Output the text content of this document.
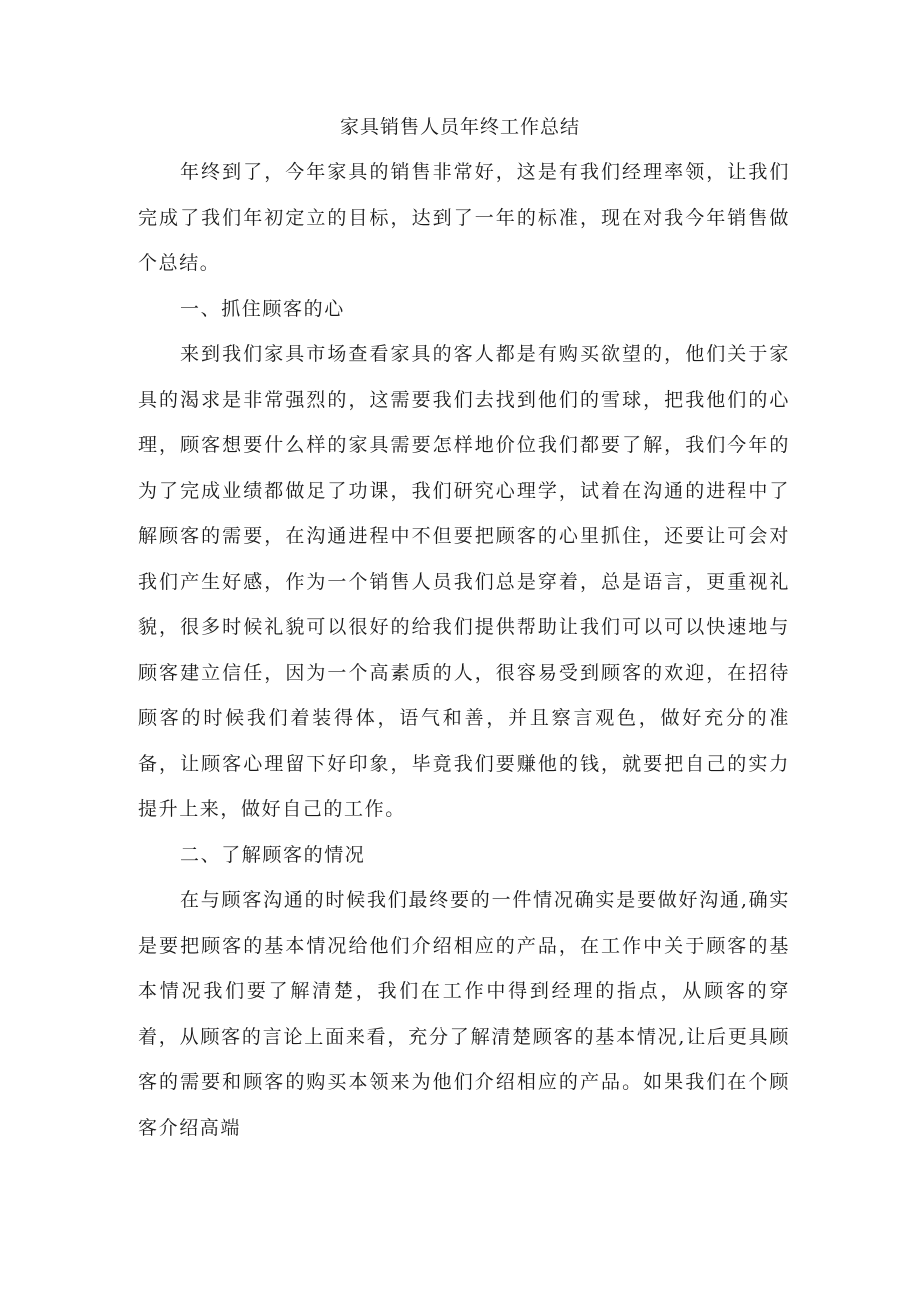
家具销售人员年终工作总结

年终到了，今年家具的销售非常好，这是有我们经理率领，让我们完成了我们年初定立的目标，达到了一年的标准，现在对我今年销售做个总结。

一、抓住顾客的心

来到我们家具市场查看家具的客人都是有购买欲望的，他们关于家具的渴求是非常强烈的，这需要我们去找到他们的雪球，把我他们的心理，顾客想要什么样的家具需要怎样地价位我们都要了解，我们今年的为了完成业绩都做足了功课，我们研究心理学，试着在沟通的进程中了解顾客的需要，在沟通进程中不但要把顾客的心里抓住，还要让可会对我们产生好感，作为一个销售人员我们总是穿着，总是语言，更重视礼貌，很多时候礼貌可以很好的给我们提供帮助让我们可以可以快速地与顾客建立信任，因为一个高素质的人，很容易受到顾客的欢迎，在招待顾客的时候我们着装得体，语气和善，并且察言观色，做好充分的准备，让顾客心理留下好印象，毕竟我们要赚他的钱，就要把自己的实力提升上来，做好自己的工作。

二、了解顾客的情况

在与顾客沟通的时候我们最终要的一件情况确实是要做好沟通,确实是要把顾客的基本情况给他们介绍相应的产品，在工作中关于顾客的基本情况我们要了解清楚，我们在工作中得到经理的指点，从顾客的穿着，从顾客的言论上面来看，充分了解清楚顾客的基本情况,让后更具顾客的需要和顾客的购买本领来为他们介绍相应的产品。如果我们在个顾客介绍高端
